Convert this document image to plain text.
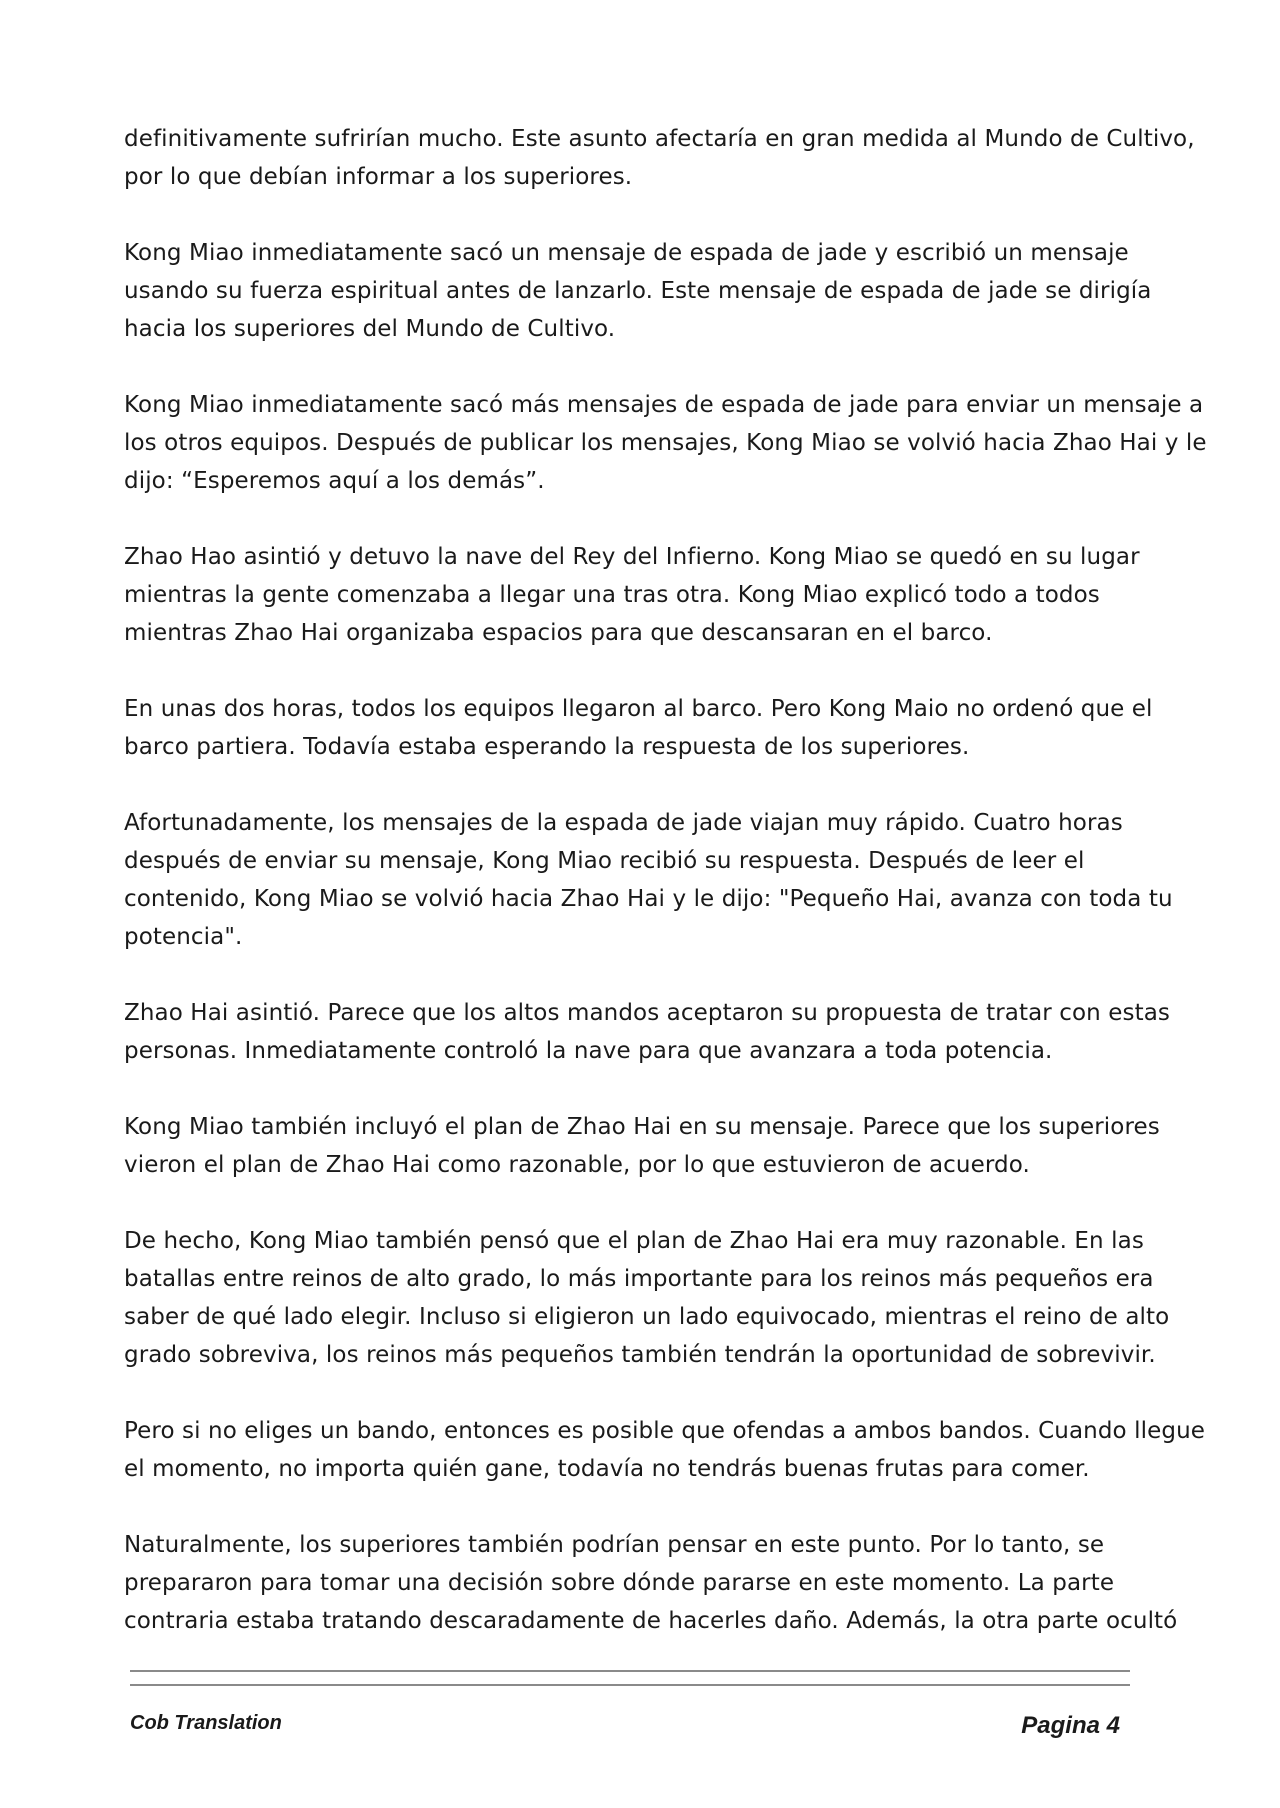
definitivamente sufrirían mucho. Este asunto afectaría en gran medida al Mundo de Cultivo,
por lo que debían informar a los superiores.

Kong Miao inmediatamente sacó un mensaje de espada de jade y escribió un mensaje
usando su fuerza espiritual antes de lanzarlo. Este mensaje de espada de jade se dirigía
hacia los superiores del Mundo de Cultivo.

Kong Miao inmediatamente sacó más mensajes de espada de jade para enviar un mensaje a
los otros equipos. Después de publicar los mensajes, Kong Miao se volvió hacia Zhao Hai y le
dijo: “Esperemos aquí a los demás”.

Zhao Hao asintió y detuvo la nave del Rey del Infierno. Kong Miao se quedó en su lugar
mientras la gente comenzaba a llegar una tras otra. Kong Miao explicó todo a todos
mientras Zhao Hai organizaba espacios para que descansaran en el barco.

En unas dos horas, todos los equipos llegaron al barco. Pero Kong Maio no ordenó que el
barco partiera. Todavía estaba esperando la respuesta de los superiores.

Afortunadamente, los mensajes de la espada de jade viajan muy rápido. Cuatro horas
después de enviar su mensaje, Kong Miao recibió su respuesta. Después de leer el
contenido, Kong Miao se volvió hacia Zhao Hai y le dijo: "Pequeño Hai, avanza con toda tu
potencia".

Zhao Hai asintió. Parece que los altos mandos aceptaron su propuesta de tratar con estas
personas. Inmediatamente controló la nave para que avanzara a toda potencia.

Kong Miao también incluyó el plan de Zhao Hai en su mensaje. Parece que los superiores
vieron el plan de Zhao Hai como razonable, por lo que estuvieron de acuerdo.

De hecho, Kong Miao también pensó que el plan de Zhao Hai era muy razonable. En las
batallas entre reinos de alto grado, lo más importante para los reinos más pequeños era
saber de qué lado elegir. Incluso si eligieron un lado equivocado, mientras el reino de alto
grado sobreviva, los reinos más pequeños también tendrán la oportunidad de sobrevivir.

Pero si no eliges un bando, entonces es posible que ofendas a ambos bandos. Cuando llegue
el momento, no importa quién gane, todavía no tendrás buenas frutas para comer.

Naturalmente, los superiores también podrían pensar en este punto. Por lo tanto, se
prepararon para tomar una decisión sobre dónde pararse en este momento. La parte
contraria estaba tratando descaradamente de hacerles daño. Además, la otra parte ocultó

Cob Translation	Pagina 4
